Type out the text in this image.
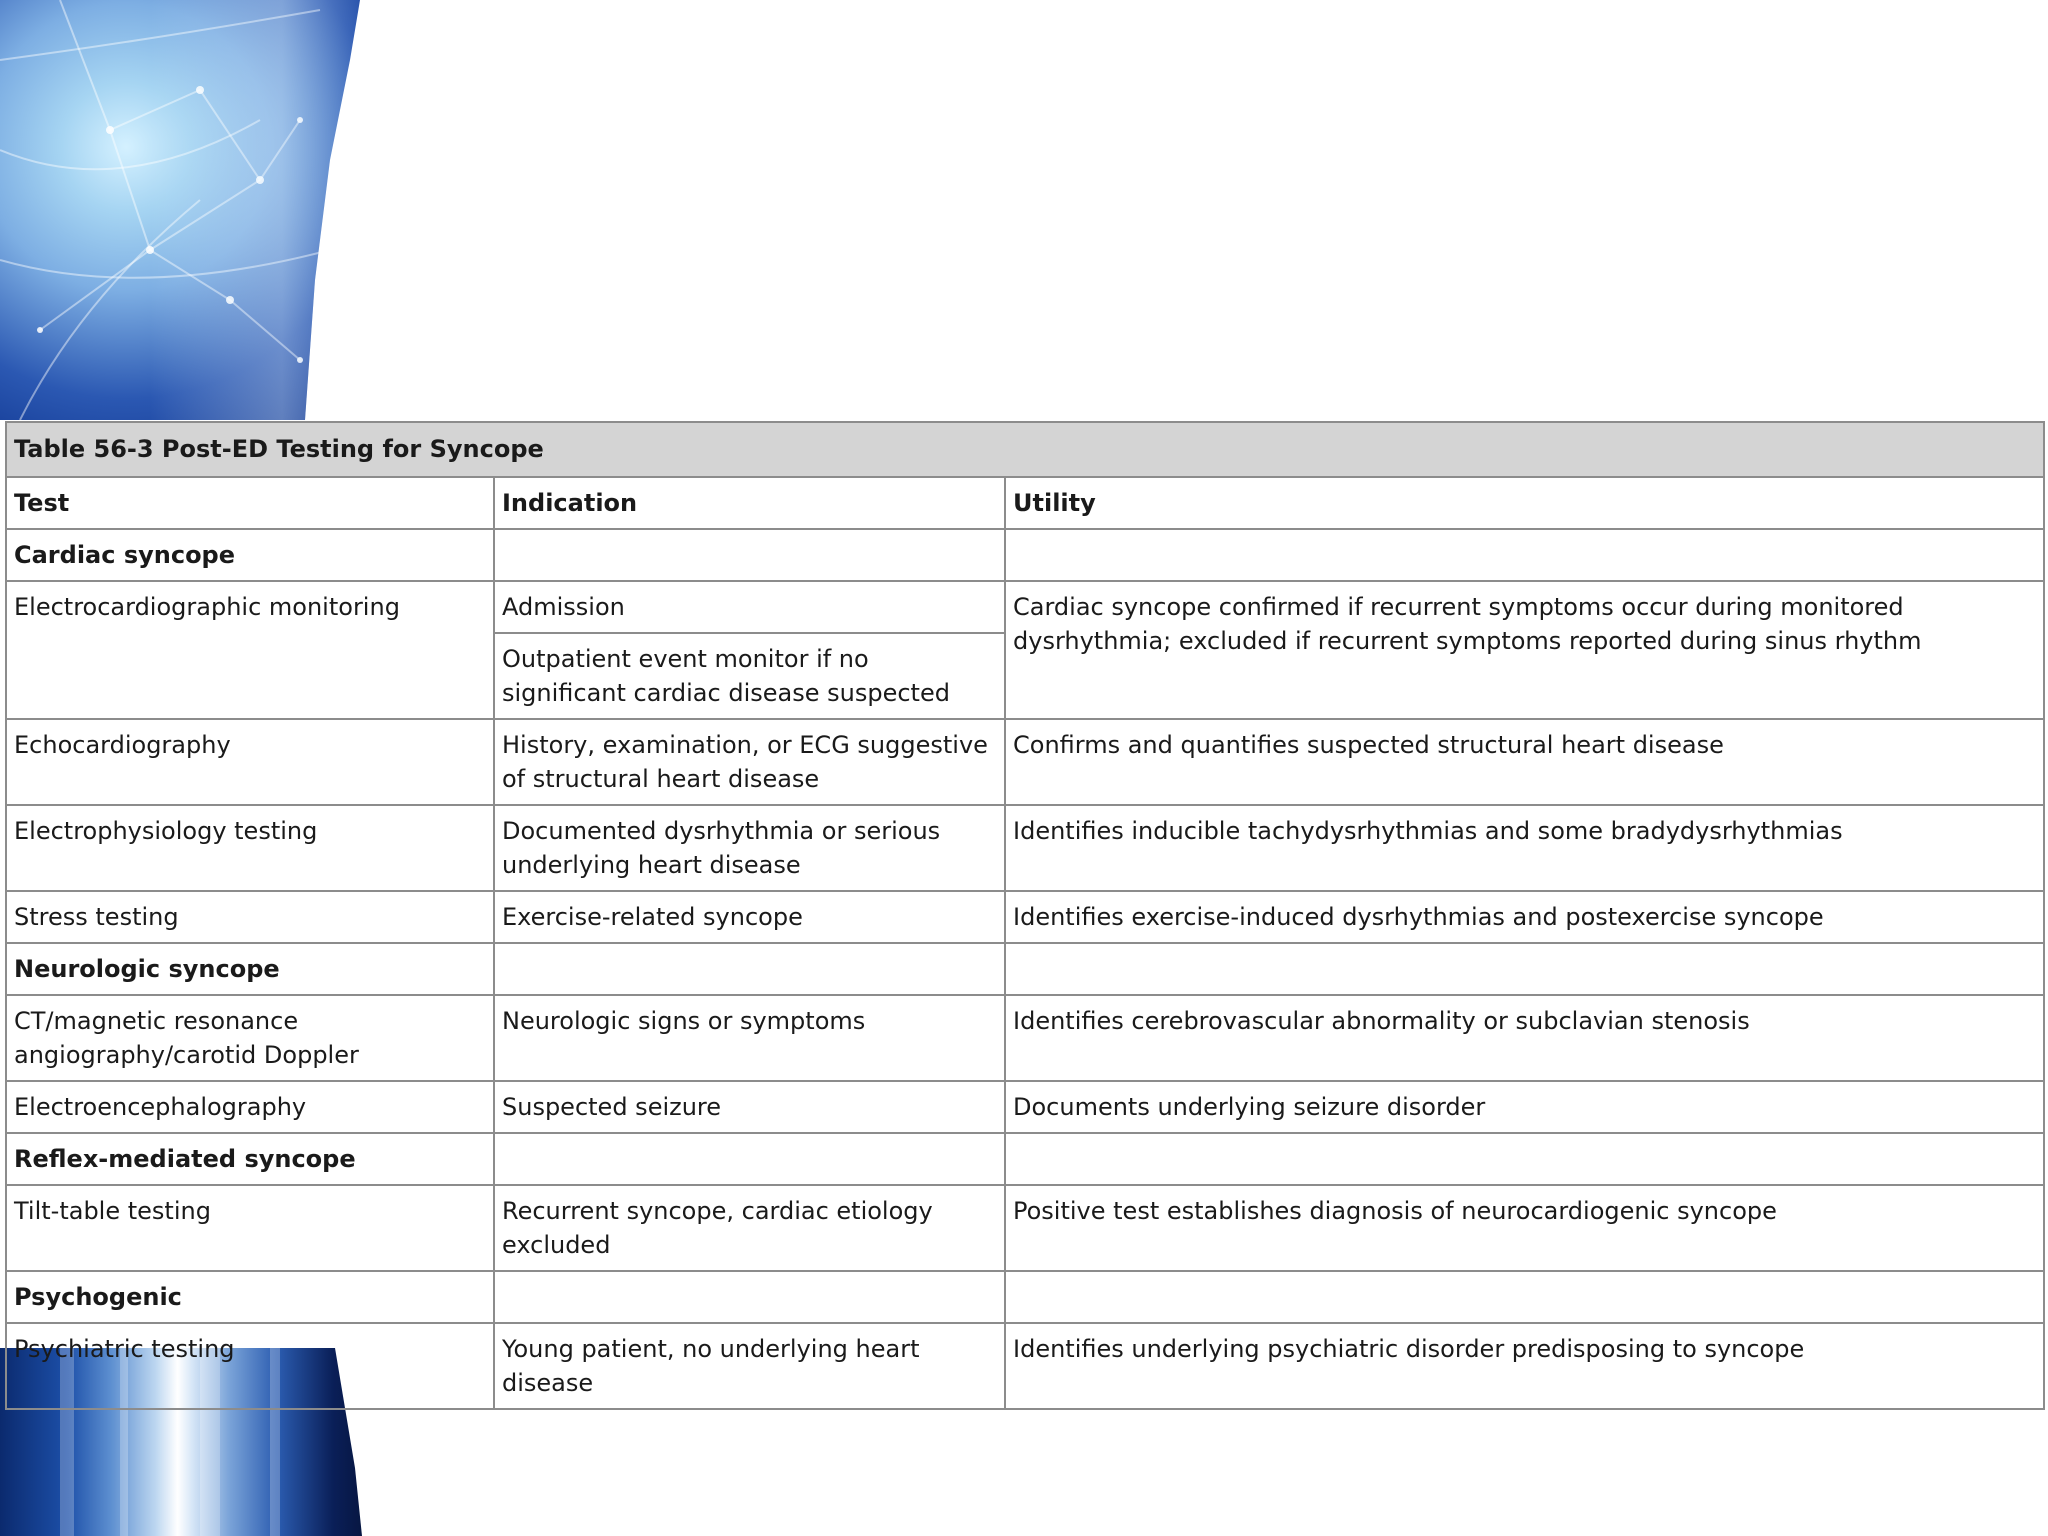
Table 56-3 Post-ED Testing for Syncope		
Test	Indication	Utility
Cardiac syncope		
Electrocardiographic monitoring	Admission	Cardiac syncope confirmed if recurrent symptoms occur during monitored dysrhythmia; excluded if recurrent symptoms reported during sinus rhythm
	Outpatient event monitor if no significant cardiac disease suspected	
Echocardiography	History, examination, or ECG suggestive of structural heart disease	Confirms and quantifies suspected structural heart disease
Electrophysiology testing	Documented dysrhythmia or serious underlying heart disease	Identifies inducible tachydysrhythmias and some bradydysrhythmias
Stress testing	Exercise-related syncope	Identifies exercise-induced dysrhythmias and postexercise syncope
Neurologic syncope		
CT/magnetic resonance angiography/carotid Doppler	Neurologic signs or symptoms	Identifies cerebrovascular abnormality or subclavian stenosis
Electroencephalography	Suspected seizure	Documents underlying seizure disorder
Reflex-mediated syncope		
Tilt-table testing	Recurrent syncope, cardiac etiology excluded	Positive test establishes diagnosis of neurocardiogenic syncope
Psychogenic		
Psychiatric testing	Young patient, no underlying heart disease	Identifies underlying psychiatric disorder predisposing to syncope
